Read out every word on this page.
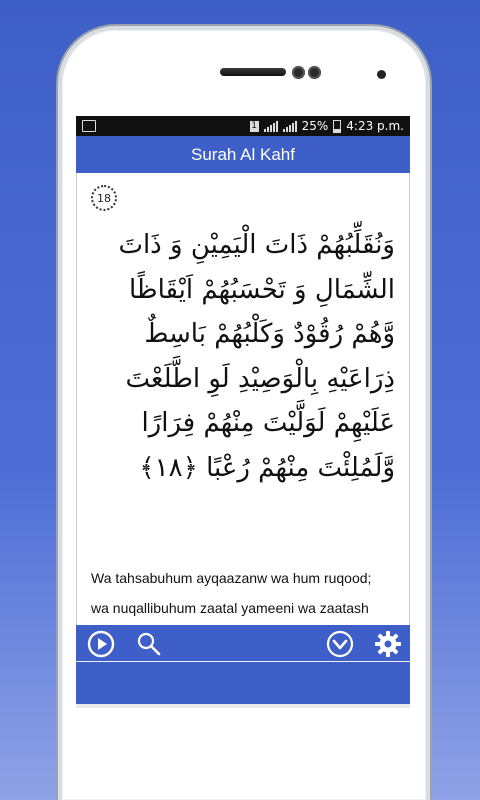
1	25% 4:23 p.m.
Surah Al Kahf
18
وَنُقَلِّبُهُمْ ذَاتَ الْيَمِيْنِ وَ ذَاتَ
الشِّمَالِ وَ تَحْسَبُهُمْ اَيْقَاظًا
وَّهُمْ رُقُوْدٌ وَكَلْبُهُمْ بَاسِطٌ
ذِرَاعَيْهِ بِالْوَصِيْدِ لَوِ اطَّلَعْتَ
عَلَيْهِمْ لَوَلَّيْتَ مِنْهُمْ فِرَارًا
وَّلَمُلِئْتَ مِنْهُمْ رُعْبًا ﴿١٨﴾
Wa tahsabuhum ayqaazanw wa hum ruqood;
wa nuqallibuhum zaatal yameeni wa zaatash
